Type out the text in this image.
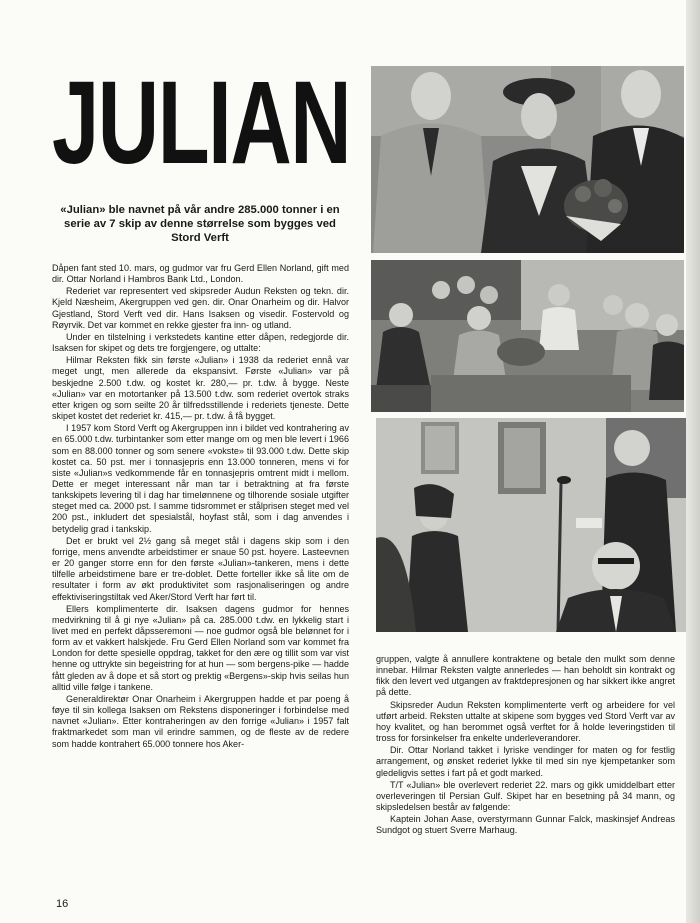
JULIAN
«Julian» ble navnet på vår andre 285.000 tonner i en serie av 7 skip av denne størrelse som bygges ved Stord Verft

Dåpen fant sted 10. mars, og gudmor var fru Gerd Ellen Norland, gift med dir. Ottar Norland i Hambros Bank Ltd., London.

Rederiet var representert ved skipsreder Audun Reksten og tekn. dir. Kjeld Næsheim, Akergruppen ved gen. dir. Onar Onarheim og dir. Halvor Gjestland, Stord Verft ved dir. Hans Isaksen og visedir. Fostervold og Røyrvik. Det var kommet en rekke gjester fra inn- og utland.

Under en tilstelning i verkstedets kantine etter dåpen, redegjorde dir. Isaksen for skipet og dets tre forgjengere, og uttalte:

Hilmar Reksten fikk sin første «Julian» i 1938 da rederiet ennå var meget ungt, men allerede da ekspansivt. Første «Julian» var på beskjedne 2.500 t.dw. og kostet kr. 280,— pr. t.dw. å bygge. Neste «Julian» var en motortanker på 13.500 t.dw. som rederiet overtok straks etter krigen og som seilte 20 år tilfredsstillende i rederiets tjeneste. Dette skipet kostet det rederiet kr. 415,— pr. t.dw. å få bygget.

I 1957 kom Stord Verft og Akergruppen inn i bildet ved kontrahering av en 65.000 t.dw. turbintanker som etter mange om og men ble levert i 1966 som en 88.000 tonner og som senere «vokste» til 93.000 t.dw. Dette skip kostet ca. 50 pst. mer i tonnasjepris enn 13.000 tonneren, mens vi for siste «Julian»s vedkommende får en tonnasjepris omtrent midt i mellom. Dette er meget interessant når man tar i betraktning at fra første tankskipets levering til i dag har timelønnene og tilhorende sosiale utgifter steget med ca. 2000 pst. I samme tidsrommet er stålprisen steget med vel 200 pst., inkludert det spesialstål, hoyfast stål, som i dag anvendes i betydelig grad i tankskip.

Det er brukt vel 2½ gang så meget stål i dagens skip som i den forrige, mens anvendte arbeidstimer er snaue 50 pst. hoyere. Lasteevnen er 20 ganger storre enn for den første «Julian»-tankeren, mens i dette tilfelle arbeidstimene bare er tre-doblet. Dette forteller ikke så lite om de resultater i form av økt produktivitet som rasjonaliseringen og andre effektiviseringstiltak ved Aker/Stord Verft har ført til.

Ellers komplimenterte dir. Isaksen dagens gudmor for hennes medvirkning til å gi nye «Julian» på ca. 285.000 t.dw. en lykkelig start i livet med en perfekt dåpsseremoni — noe gudmor også ble belønnet for i form av et vakkert halskjede. Fru Gerd Ellen Norland som var kommet fra London for dette spesielle oppdrag, takket for den ære og tillit som var vist henne og uttrykte sin begeistring for at hun — som bergens-pike — hadde fått gleden av å dope et så stort og prektig «Bergens»-skip hvis seilas hun alltid ville følge i tankene.

Generaldirektør Onar Onarheim i Akergruppen hadde et par poeng å føye til sin kollega Isaksen om Rekstens disponeringer i forbindelse med navnet «Julian». Etter kontraheringen av den forrige «Julian» i 1957 falt fraktmarkedet som man vil erindre sammen, og de fleste av de redere som hadde kontrahert 65.000 tonnere hos Aker-

gruppen, valgte å annullere kontraktene og betale den mulkt som denne innebar. Hilmar Reksten valgte annerledes — han beholdt sin kontrakt og fikk den levert ved utgangen av fraktdepresjonen og har sikkert ikke angret på dette.

Skipsreder Audun Reksten komplimenterte verft og arbeidere for vel utført arbeid. Reksten uttalte at skipene som bygges ved Stord Verft var av hoy kvalitet, og han berommet også verftet for å holde leveringstiden til tross for forsinkelser fra enkelte underleverandorer.

Dir. Ottar Norland takket i lyriske vendinger for maten og for festlig arrangement, og ønsket rederiet lykke til med sin nye kjempetanker som gledeligvis settes i fart på et godt marked.

T/T «Julian» ble overlevert rederiet 22. mars og gikk umiddelbart etter overleveringen til Persian Gulf. Skipet har en besetning på 34 mann, og skipsledelsen består av følgende:

Kaptein Johan Aase, overstyrmann Gunnar Falck, maskinsjef Andreas Sundgot og stuert Sverre Marhaug.

16
